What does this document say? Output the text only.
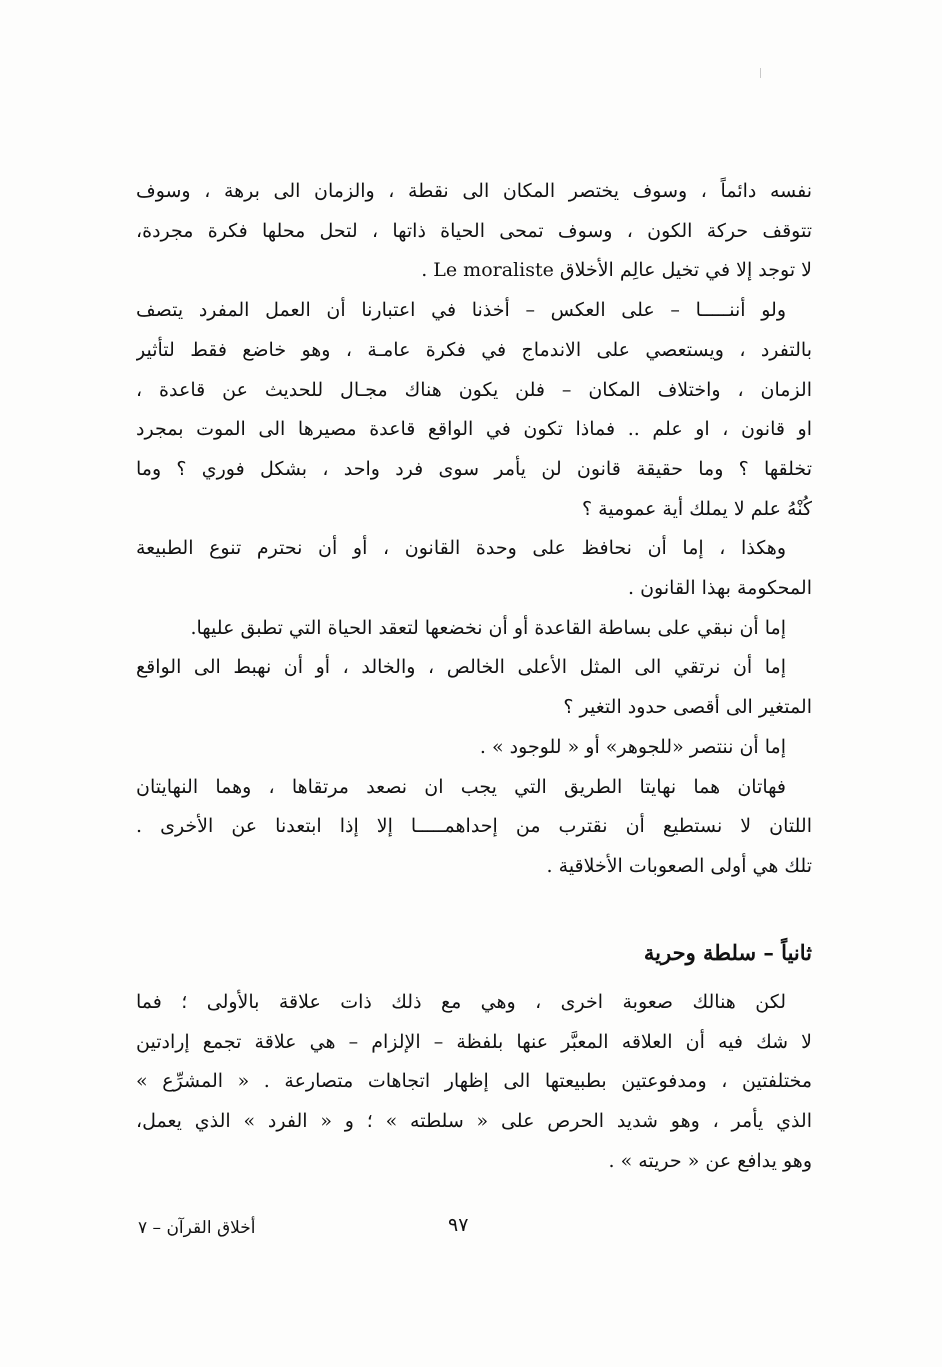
نفسه دائماً ، وسوف يختصر المكان الى نقطة ، والزمان الى برهة ، وسوف
تتوقف حركة الكون ، وسوف تمحى الحياة ذاتها ، لتحل محلها فكرة مجردة،
لا توجد إلا في تخيل عالِم الأخلاق Le moraliste .
ولو أننـــــا – على العكس – أخذنا في اعتبارنا أن العمل المفرد يتصف
بالتفرد ، ويستعصي على الاندماج في فكرة عامـة ، وهو خاضع فقط لتأثير
الزمان ، واختلاف المكان – فلن يكون هناك مجـال للحديث عن قاعدة ،
او قانون ، او علم .. فماذا تكون في الواقع قاعدة مصيرها الى الموت بمجرد
تخلقها ؟ وما حقيقة قانون لن يأمر سوى فرد واحد ، بشكل فوري ؟ وما
كُنْهُ علم لا يملك أية عمومية ؟
وهكذا ، إما أن نحافظ على وحدة القانون ، أو أن نحترم تنوع الطبيعة
المحكومة بهذا القانون .
إما أن نبقي على بساطة القاعدة أو أن نخضعها لتعقد الحياة التي تطبق عليها.
إما أن نرتقي الى المثل الأعلى الخالص ، والخالد ، أو أن نهبط الى الواقع
المتغير الى أقصى حدود التغير ؟
إما أن ننتصر «للجوهر» أو « للوجود » .
فهاتان هما نهايتا الطريق التي يجب ان نصعد مرتقاها ، وهما النهايتان
اللتان لا نستطيع أن نقترب من إحداهمـــــا إلا إذا ابتعدنا عن الأخرى .
تلك هي أولى الصعوبات الأخلاقية .
ثانياً – سلطة وحرية
لكن هنالك صعوبة اخرى ، وهي مع ذلك ذات علاقة بالأولى ؛ فما
لا شك فيه أن العلاقه المعبَّر عنها بلفظة – الإلزام – هي علاقة تجمع إرادتين
مختلفتين ، ومدفوعتين بطبيعتها الى إظهار اتجاهات متصارعة . « المشرِّع »
الذي يأمر ، وهو شديد الحرص على « سلطته » ؛ و « الفرد » الذي يعمل،
وهو يدافع عن « حريته » .
أخلاق القرآن – ٧	٩٧
